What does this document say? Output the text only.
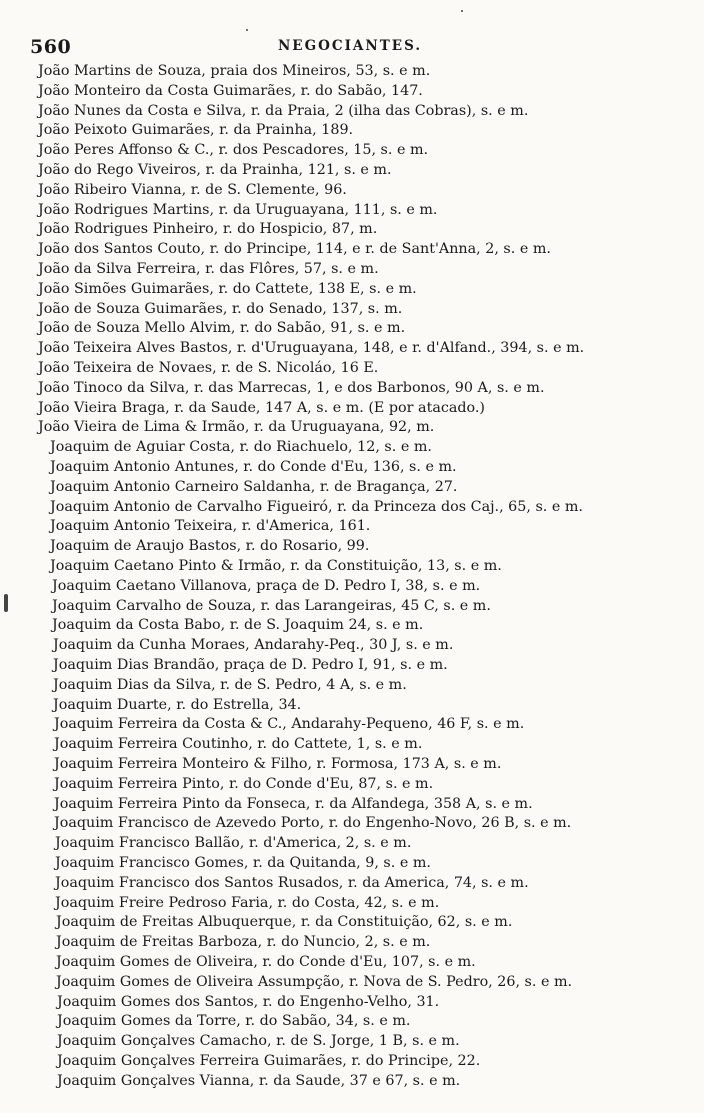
560	NEGOCIANTES.
João Martins de Souza, praia dos Mineiros, 53, s. e m.
João Monteiro da Costa Guimarães, r. do Sabão, 147.
João Nunes da Costa e Silva, r. da Praia, 2 (ilha das Cobras), s. e m.
João Peixoto Guimarães, r. da Prainha, 189.
João Peres Affonso & C., r. dos Pescadores, 15, s. e m.
João do Rego Viveiros, r. da Prainha, 121, s. e m.
João Ribeiro Vianna, r. de S. Clemente, 96.
João Rodrigues Martins, r. da Uruguayana, 111, s. e m.
João Rodrigues Pinheiro, r. do Hospicio, 87, m.
João dos Santos Couto, r. do Principe, 114, e r. de Sant'Anna, 2, s. e m.
João da Silva Ferreira, r. das Flôres, 57, s. e m.
João Simões Guimarães, r. do Cattete, 138 E, s. e m.
João de Souza Guimarães, r. do Senado, 137, s. m.
João de Souza Mello Alvim, r. do Sabão, 91, s. e m.
João Teixeira Alves Bastos, r. d'Uruguayana, 148, e r. d'Alfand., 394, s. e m.
João Teixeira de Novaes, r. de S. Nicoláo, 16 E.
João Tinoco da Silva, r. das Marrecas, 1, e dos Barbonos, 90 A, s. e m.
João Vieira Braga, r. da Saude, 147 A, s. e m. (E por atacado.)
João Vieira de Lima & Irmão, r. da Uruguayana, 92, m.
Joaquim de Aguiar Costa, r. do Riachuelo, 12, s. e m.
Joaquim Antonio Antunes, r. do Conde d'Eu, 136, s. e m.
Joaquim Antonio Carneiro Saldanha, r. de Bragança, 27.
Joaquim Antonio de Carvalho Figueiró, r. da Princeza dos Caj., 65, s. e m.
Joaquim Antonio Teixeira, r. d'America, 161.
Joaquim de Araujo Bastos, r. do Rosario, 99.
Joaquim Caetano Pinto & Irmão, r. da Constituição, 13, s. e m.
Joaquim Caetano Villanova, praça de D. Pedro I, 38, s. e m.
Joaquim Carvalho de Souza, r. das Larangeiras, 45 C, s. e m.
Joaquim da Costa Babo, r. de S. Joaquim 24, s. e m.
Joaquim da Cunha Moraes, Andarahy-Peq., 30 J, s. e m.
Joaquim Dias Brandão, praça de D. Pedro I, 91, s. e m.
Joaquim Dias da Silva, r. de S. Pedro, 4 A, s. e m.
Joaquim Duarte, r. do Estrella, 34.
Joaquim Ferreira da Costa & C., Andarahy-Pequeno, 46 F, s. e m.
Joaquim Ferreira Coutinho, r. do Cattete, 1, s. e m.
Joaquim Ferreira Monteiro & Filho, r. Formosa, 173 A, s. e m.
Joaquim Ferreira Pinto, r. do Conde d'Eu, 87, s. e m.
Joaquim Ferreira Pinto da Fonseca, r. da Alfandega, 358 A, s. e m.
Joaquim Francisco de Azevedo Porto, r. do Engenho-Novo, 26 B, s. e m.
Joaquim Francisco Ballão, r. d'America, 2, s. e m.
Joaquim Francisco Gomes, r. da Quitanda, 9, s. e m.
Joaquim Francisco dos Santos Rusados, r. da America, 74, s. e m.
Joaquim Freire Pedroso Faria, r. do Costa, 42, s. e m.
Joaquim de Freitas Albuquerque, r. da Constituição, 62, s. e m.
Joaquim de Freitas Barboza, r. do Nuncio, 2, s. e m.
Joaquim Gomes de Oliveira, r. do Conde d'Eu, 107, s. e m.
Joaquim Gomes de Oliveira Assumpção, r. Nova de S. Pedro, 26, s. e m.
Joaquim Gomes dos Santos, r. do Engenho-Velho, 31.
Joaquim Gomes da Torre, r. do Sabão, 34, s. e m.
Joaquim Gonçalves Camacho, r. de S. Jorge, 1 B, s. e m.
Joaquim Gonçalves Ferreira Guimarães, r. do Principe, 22.
Joaquim Gonçalves Vianna, r. da Saude, 37 e 67, s. e m.
